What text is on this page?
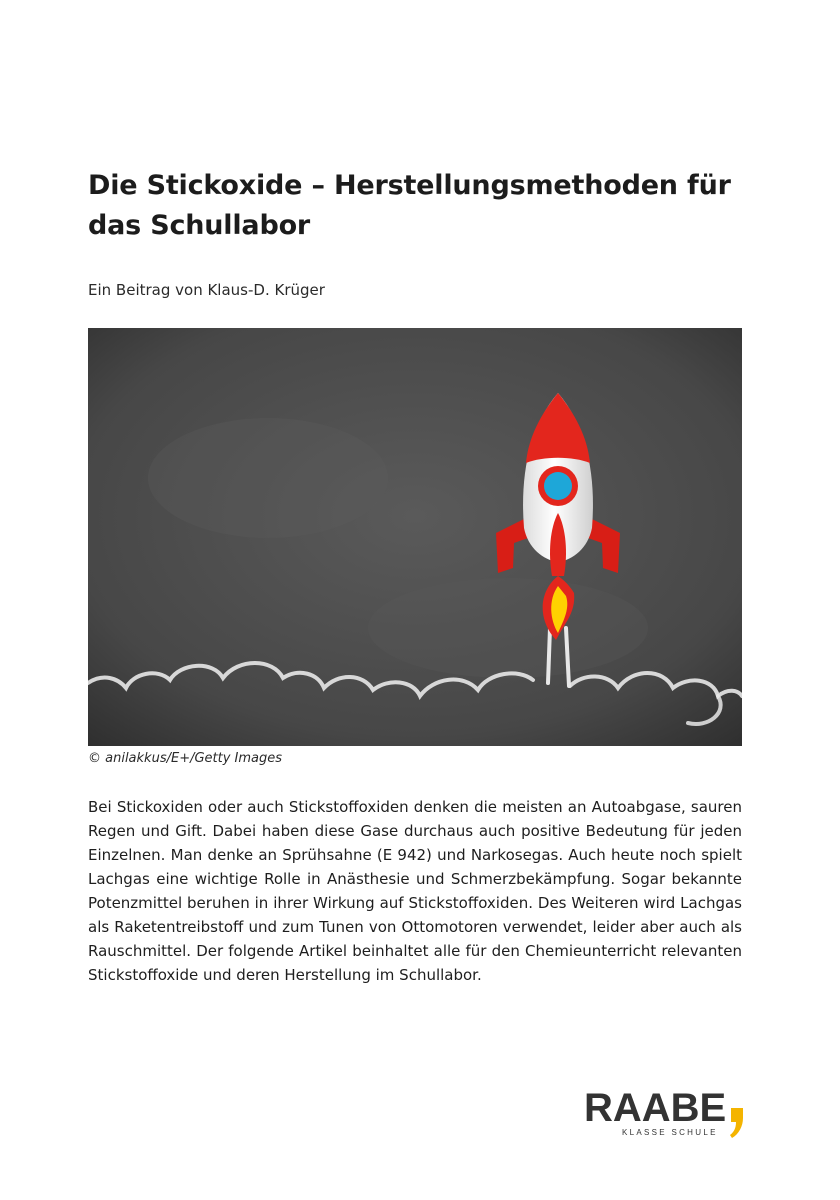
Die Stickoxide – Herstellungsmethoden für das Schullabor

Ein Beitrag von Klaus-D. Krüger

© anilakkus/E+/Getty Images

Bei Stickoxiden oder auch Stickstoffoxiden denken die meisten an Autoabgase, sauren Regen und Gift. Dabei haben diese Gase durchaus auch positive Bedeutung für jeden Einzelnen. Man denke an Sprühsahne (E 942) und Narkosegas. Auch heute noch spielt Lachgas eine wichtige Rolle in Anästhesie und Schmerzbekämpfung. Sogar bekannte Potenzmittel beruhen in ihrer Wirkung auf Stickstoffoxiden. Des Weiteren wird Lachgas als Raketentreibstoff und zum Tunen von Ottomotoren verwendet, leider aber auch als Rauschmittel. Der folgende Artikel beinhaltet alle für den Chemieunterricht relevanten Stickstoffoxide und deren Herstellung im Schullabor.

RAABE
KLASSE SCHULE
